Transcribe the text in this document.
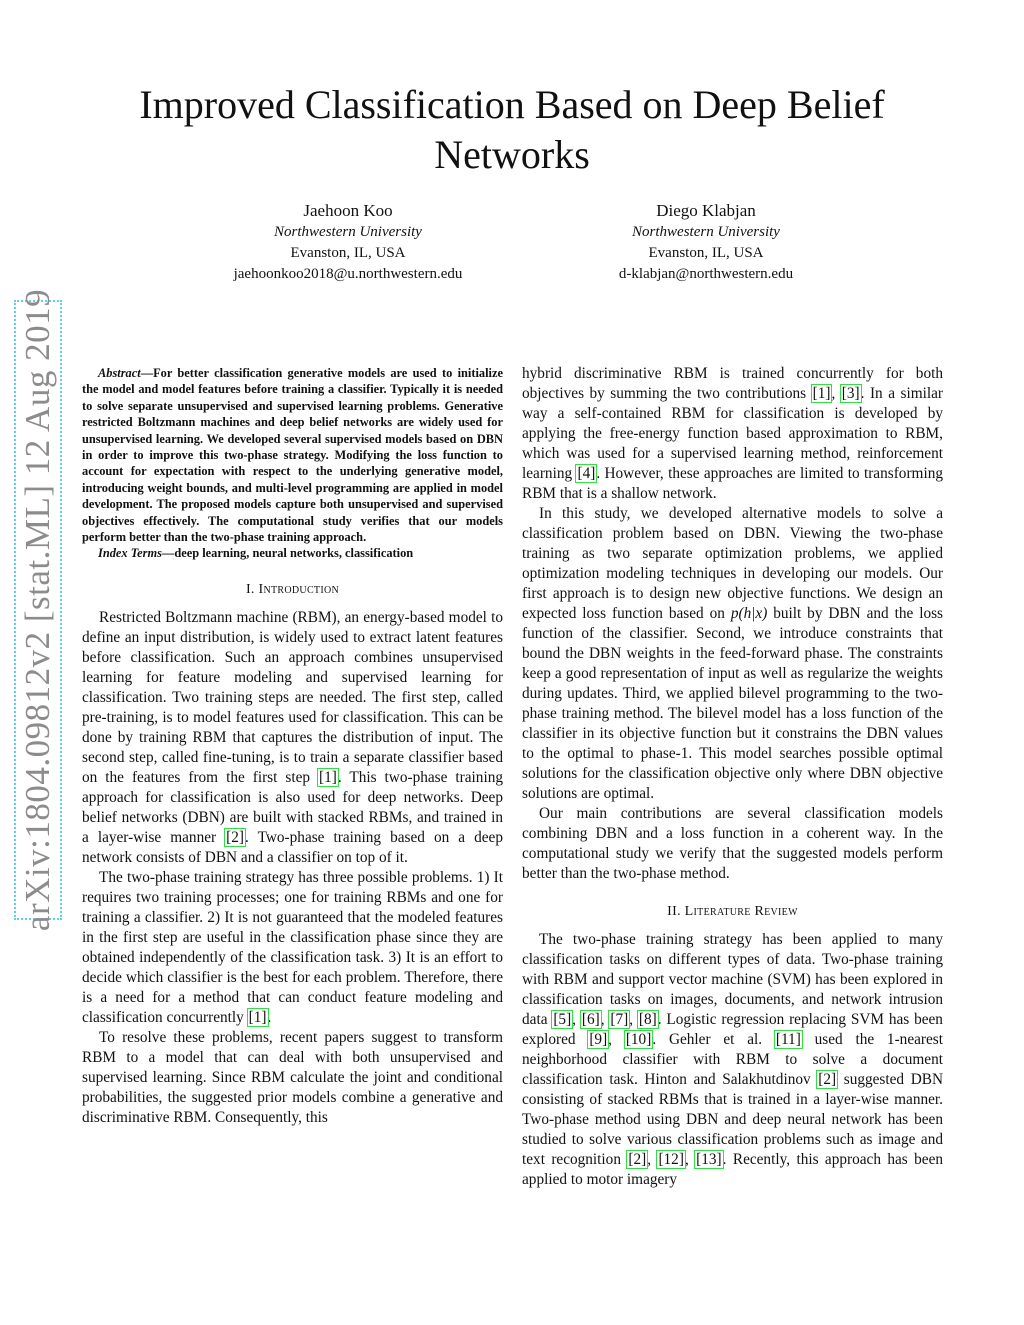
arXiv:1804.09812v2 [stat.ML] 12 Aug 2019
Improved Classification Based on Deep Belief Networks
Jaehoon Koo
Northwestern University
Evanston, IL, USA
jaehoonkoo2018@u.northwestern.edu
Diego Klabjan
Northwestern University
Evanston, IL, USA
d-klabjan@northwestern.edu

Abstract—For better classification generative models are used to initialize the model and model features before training a classifier. Typically it is needed to solve separate unsupervised and supervised learning problems. Generative restricted Boltzmann machines and deep belief networks are widely used for unsupervised learning. We developed several supervised models based on DBN in order to improve this two-phase strategy. Modifying the loss function to account for expectation with respect to the underlying generative model, introducing weight bounds, and multi-level programming are applied in model development. The proposed models capture both unsupervised and supervised objectives effectively. The computational study verifies that our models perform better than the two-phase training approach.

Index Terms—deep learning, neural networks, classification

I. Introduction

Restricted Boltzmann machine (RBM), an energy-based model to define an input distribution, is widely used to extract latent features before classification. Such an approach combines unsupervised learning for feature modeling and supervised learning for classification. Two training steps are needed. The first step, called pre-training, is to model features used for classification. This can be done by training RBM that captures the distribution of input. The second step, called fine-tuning, is to train a separate classifier based on the features from the first step [1]. This two-phase training approach for classification is also used for deep networks. Deep belief networks (DBN) are built with stacked RBMs, and trained in a layer-wise manner [2]. Two-phase training based on a deep network consists of DBN and a classifier on top of it.

The two-phase training strategy has three possible problems. 1) It requires two training processes; one for training RBMs and one for training a classifier. 2) It is not guaranteed that the modeled features in the first step are useful in the classification phase since they are obtained independently of the classification task. 3) It is an effort to decide which classifier is the best for each problem. Therefore, there is a need for a method that can conduct feature modeling and classification concurrently [1].

To resolve these problems, recent papers suggest to transform RBM to a model that can deal with both unsupervised and supervised learning. Since RBM calculate the joint and conditional probabilities, the suggested prior models combine a generative and discriminative RBM. Consequently, this

hybrid discriminative RBM is trained concurrently for both objectives by summing the two contributions [1], [3]. In a similar way a self-contained RBM for classification is developed by applying the free-energy function based approximation to RBM, which was used for a supervised learning method, reinforcement learning [4]. However, these approaches are limited to transforming RBM that is a shallow network.

In this study, we developed alternative models to solve a classification problem based on DBN. Viewing the two-phase training as two separate optimization problems, we applied optimization modeling techniques in developing our models. Our first approach is to design new objective functions. We design an expected loss function based on p(h|x) built by DBN and the loss function of the classifier. Second, we introduce constraints that bound the DBN weights in the feed-forward phase. The constraints keep a good representation of input as well as regularize the weights during updates. Third, we applied bilevel programming to the two-phase training method. The bilevel model has a loss function of the classifier in its objective function but it constrains the DBN values to the optimal to phase-1. This model searches possible optimal solutions for the classification objective only where DBN objective solutions are optimal.

Our main contributions are several classification models combining DBN and a loss function in a coherent way. In the computational study we verify that the suggested models perform better than the two-phase method.

II. Literature Review

The two-phase training strategy has been applied to many classification tasks on different types of data. Two-phase training with RBM and support vector machine (SVM) has been explored in classification tasks on images, documents, and network intrusion data [5], [6], [7], [8]. Logistic regression replacing SVM has been explored [9], [10]. Gehler et al. [11] used the 1-nearest neighborhood classifier with RBM to solve a document classification task. Hinton and Salakhutdinov [2] suggested DBN consisting of stacked RBMs that is trained in a layer-wise manner. Two-phase method using DBN and deep neural network has been studied to solve various classification problems such as image and text recognition [2], [12], [13]. Recently, this approach has been applied to motor imagery
